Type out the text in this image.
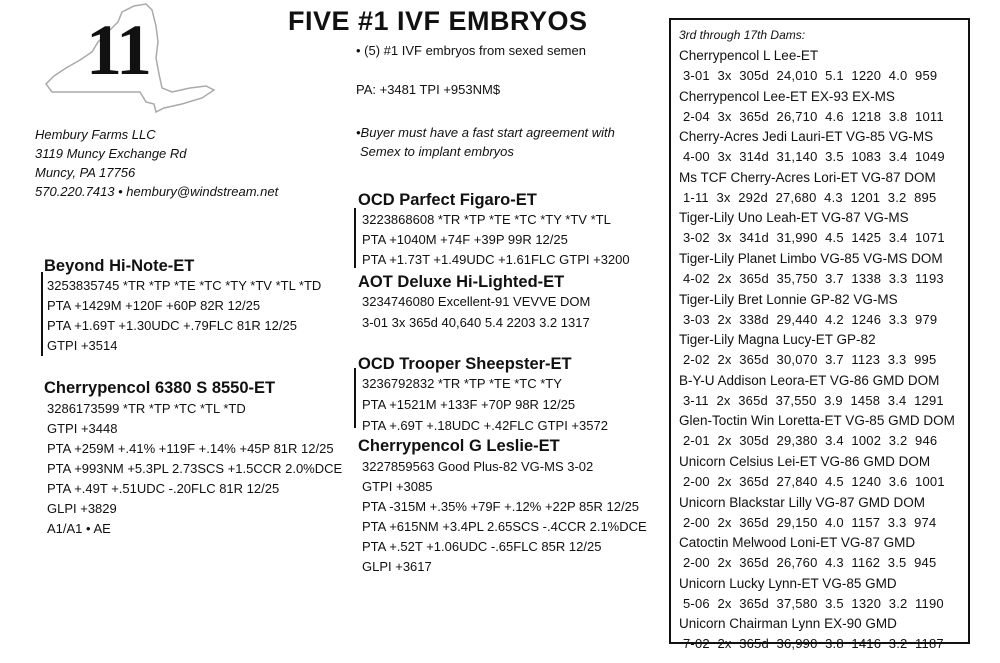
11	FIVE #1 IVF EMBRYOS
Hembury Farms LLC
3119 Muncy Exchange Rd
Muncy, PA 17756
570.220.7413 • hembury@windstream.net
• (5) #1 IVF embryos from sexed semen
PA: +3481 TPI +953NM$
•Buyer must have a fast start agreement with
Semex to implant embryos
Beyond Hi-Note-ET
3253835745 *TR *TP *TE *TC *TY *TV *TL *TD
PTA +1429M +120F +60P 82R 12/25
PTA +1.69T +1.30UDC +.79FLC 81R 12/25
GTPI +3514
Cherrypencol 6380 S 8550-ET
3286173599 *TR *TP *TC *TL *TD
GTPI +3448
PTA +259M +.41% +119F +.14% +45P 81R 12/25
PTA +993NM +5.3PL 2.73SCS +1.5CCR 2.0%DCE
PTA +.49T +.51UDC -.20FLC 81R 12/25
GLPI +3829
A1/A1 • AE
OCD Parfect Figaro-ET
3223868608 *TR *TP *TE *TC *TY *TV *TL
PTA +1040M +74F +39P 99R 12/25
PTA +1.73T +1.49UDC +1.61FLC GTPI +3200
AOT Deluxe Hi-Lighted-ET
3234746080 Excellent-91 VEVVE DOM
3-01 3x 365d 40,640 5.4 2203 3.2 1317
OCD Trooper Sheepster-ET
3236792832 *TR *TP *TE *TC *TY
PTA +1521M +133F +70P 98R 12/25
PTA +.69T +.18UDC +.42FLC GTPI +3572
Cherrypencol G Leslie-ET
3227859563 Good Plus-82 VG-MS 3-02
GTPI +3085
PTA -315M +.35% +79F +.12% +22P 85R 12/25
PTA +615NM +3.4PL 2.65SCS -.4CCR 2.1%DCE
PTA +.52T +1.06UDC -.65FLC 85R 12/25
GLPI +3617
3rd through 17th Dams:
Cherrypencol L Lee-ET
3-01  3x  305d  24,010  5.1  1220  4.0  959
Cherrypencol Lee-ET EX-93 EX-MS
2-04  3x  365d  26,710  4.6  1218  3.8  1011
Cherry-Acres Jedi Lauri-ET VG-85 VG-MS
4-00  3x  314d  31,140  3.5  1083  3.4  1049
Ms TCF Cherry-Acres Lori-ET VG-87 DOM
1-11  3x  292d  27,680  4.3  1201  3.2  895
Tiger-Lily Uno Leah-ET VG-87 VG-MS
3-02  3x  341d  31,990  4.5  1425  3.4  1071
Tiger-Lily Planet Limbo VG-85 VG-MS DOM
4-02  2x  365d  35,750  3.7  1338  3.3  1193
Tiger-Lily Bret Lonnie GP-82 VG-MS
3-03  2x  338d  29,440  4.2  1246  3.3  979
Tiger-Lily Magna Lucy-ET GP-82
2-02  2x  365d  30,070  3.7  1123  3.3  995
B-Y-U Addison Leora-ET VG-86 GMD DOM
3-11  2x  365d  37,550  3.9  1458  3.4  1291
Glen-Toctin Win Loretta-ET VG-85 GMD DOM
2-01  2x  305d  29,380  3.4  1002  3.2  946
Unicorn Celsius Lei-ET VG-86 GMD DOM
2-00  2x  365d  27,840  4.5  1240  3.6  1001
Unicorn Blackstar Lilly VG-87 GMD DOM
2-00  2x  365d  29,150  4.0  1157  3.3  974
Catoctin Melwood Loni-ET VG-87 GMD
2-00  2x  365d  26,760  4.3  1162  3.5  945
Unicorn Lucky Lynn-ET VG-85 GMD
5-06  2x  365d  37,580  3.5  1320  3.2  1190
Unicorn Chairman Lynn EX-90 GMD
7-02  2x  365d  36,990  3.8  1416  3.2  1187
